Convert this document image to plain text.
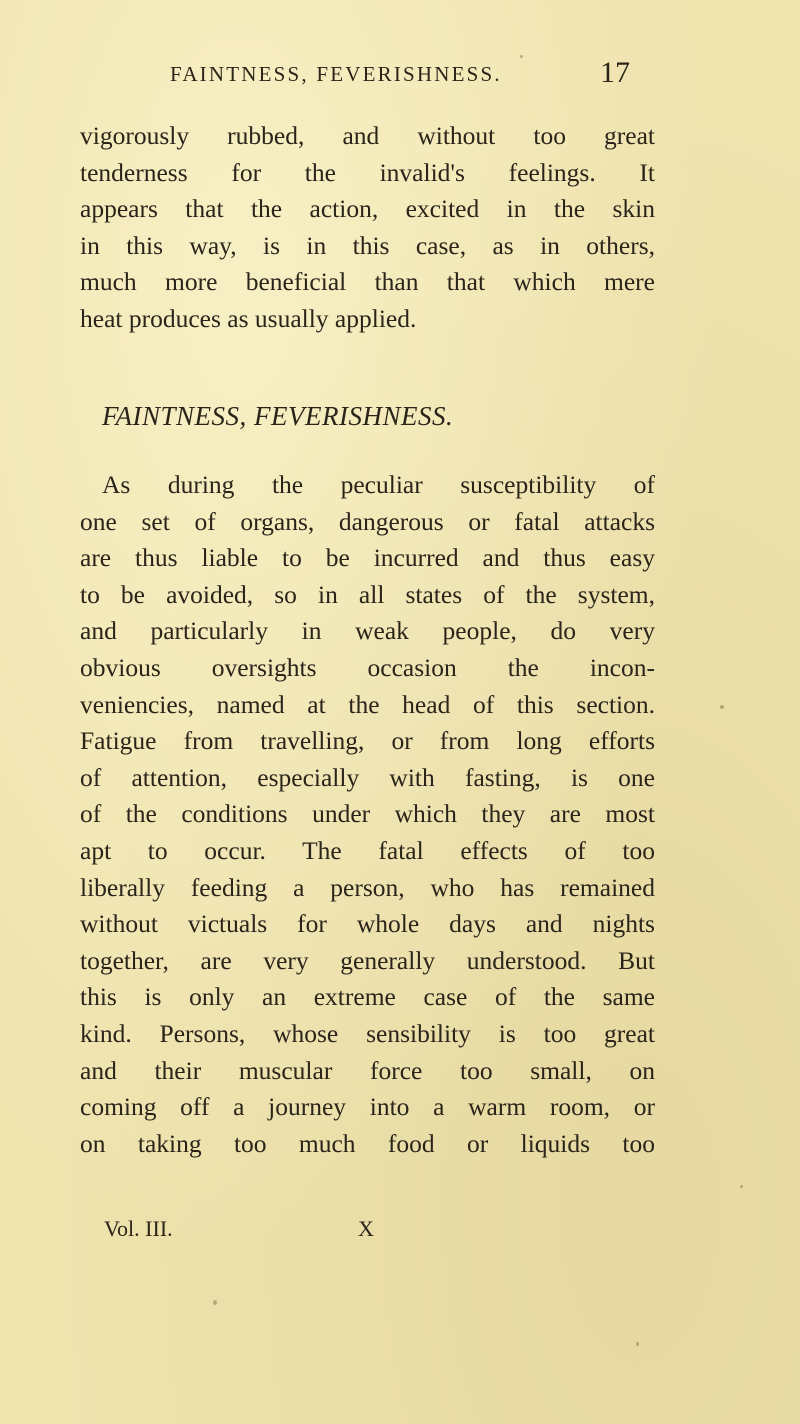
FAINTNESS, FEVERISHNESS.	17
vigorously rubbed, and without too great
tenderness for the invalid's feelings. It
appears that the action, excited in the skin
in this way, is in this case, as in others,
much more beneficial than that which mere
heat produces as usually applied.
FAINTNESS, FEVERISHNESS.
As during the peculiar susceptibility of
one set of organs, dangerous or fatal attacks
are thus liable to be incurred and thus easy
to be avoided, so in all states of the system,
and particularly in weak people, do very
obvious oversights occasion the incon-
veniencies, named at the head of this section.
Fatigue from travelling, or from long efforts
of attention, especially with fasting, is one
of the conditions under which they are most
apt to occur. The fatal effects of too
liberally feeding a person, who has remained
without victuals for whole days and nights
together, are very generally understood. But
this is only an extreme case of the same
kind. Persons, whose sensibility is too great
and their muscular force too small, on
coming off a journey into a warm room, or
on taking too much food or liquids too
Vol. III.	X
